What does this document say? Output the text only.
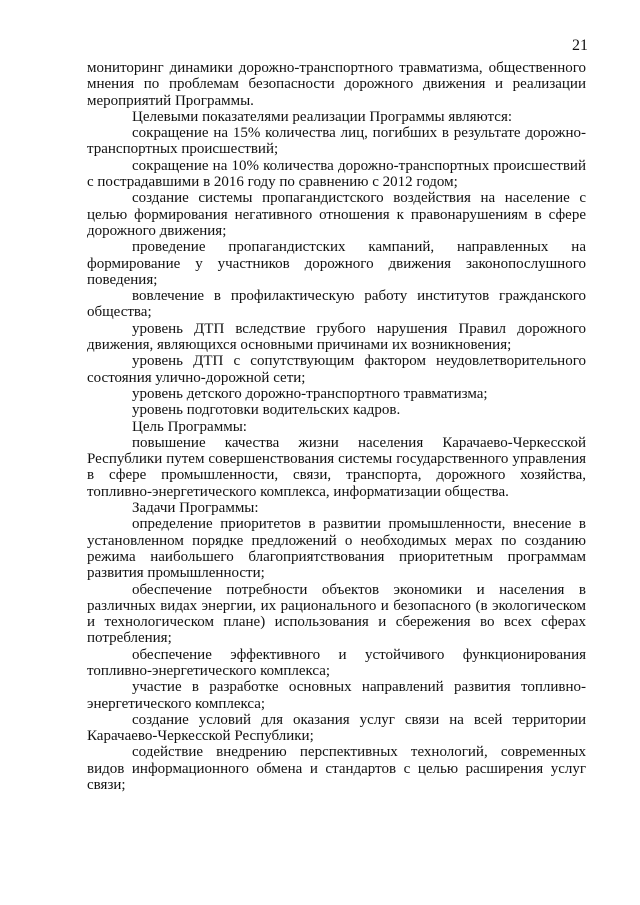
21

мониторинг динамики дорожно-транспортного травматизма, общественного мнения по проблемам безопасности дорожного движения и реализации мероприятий Программы.

Целевыми показателями реализации Программы являются:

сокращение на 15% количества лиц, погибших в результате дорожно-транспортных происшествий;

сокращение на 10% количества дорожно-транспортных происшествий с пострадавшими в 2016 году по сравнению с 2012 годом;

создание системы пропагандистского воздействия на население с целью формирования негативного отношения к правонарушениям в сфере дорожного движения;

проведение пропагандистских кампаний, направленных на формирование у участников дорожного движения законопослушного поведения;

вовлечение в профилактическую работу институтов гражданского общества;

уровень ДТП вследствие грубого нарушения Правил дорожного движения, являющихся основными причинами их возникновения;

уровень ДТП с сопутствующим фактором неудовлетворительного состояния улично-дорожной сети;

уровень детского дорожно-транспортного травматизма;

уровень подготовки водительских кадров.

Цель Программы:

повышение качества жизни населения Карачаево-Черкесской Республики путем совершенствования системы государственного управления в сфере промышленности, связи, транспорта, дорожного хозяйства, топливно-энергетического комплекса, информатизации общества.

Задачи Программы:

определение приоритетов в развитии промышленности, внесение в установленном порядке предложений о необходимых мерах по созданию режима наибольшего благоприятствования приоритетным программам развития промышленности;

обеспечение потребности объектов экономики и населения в различных видах энергии, их рационального и безопасного (в экологическом и технологическом плане) использования и сбережения во всех сферах потребления;

обеспечение эффективного и устойчивого функционирования топливно-энергетического комплекса;

участие в разработке основных направлений развития топливно-энергетического комплекса;

создание условий для оказания услуг связи на всей территории Карачаево-Черкесской Республики;

содействие внедрению перспективных технологий, современных видов информационного обмена и стандартов с целью расширения услуг связи;
